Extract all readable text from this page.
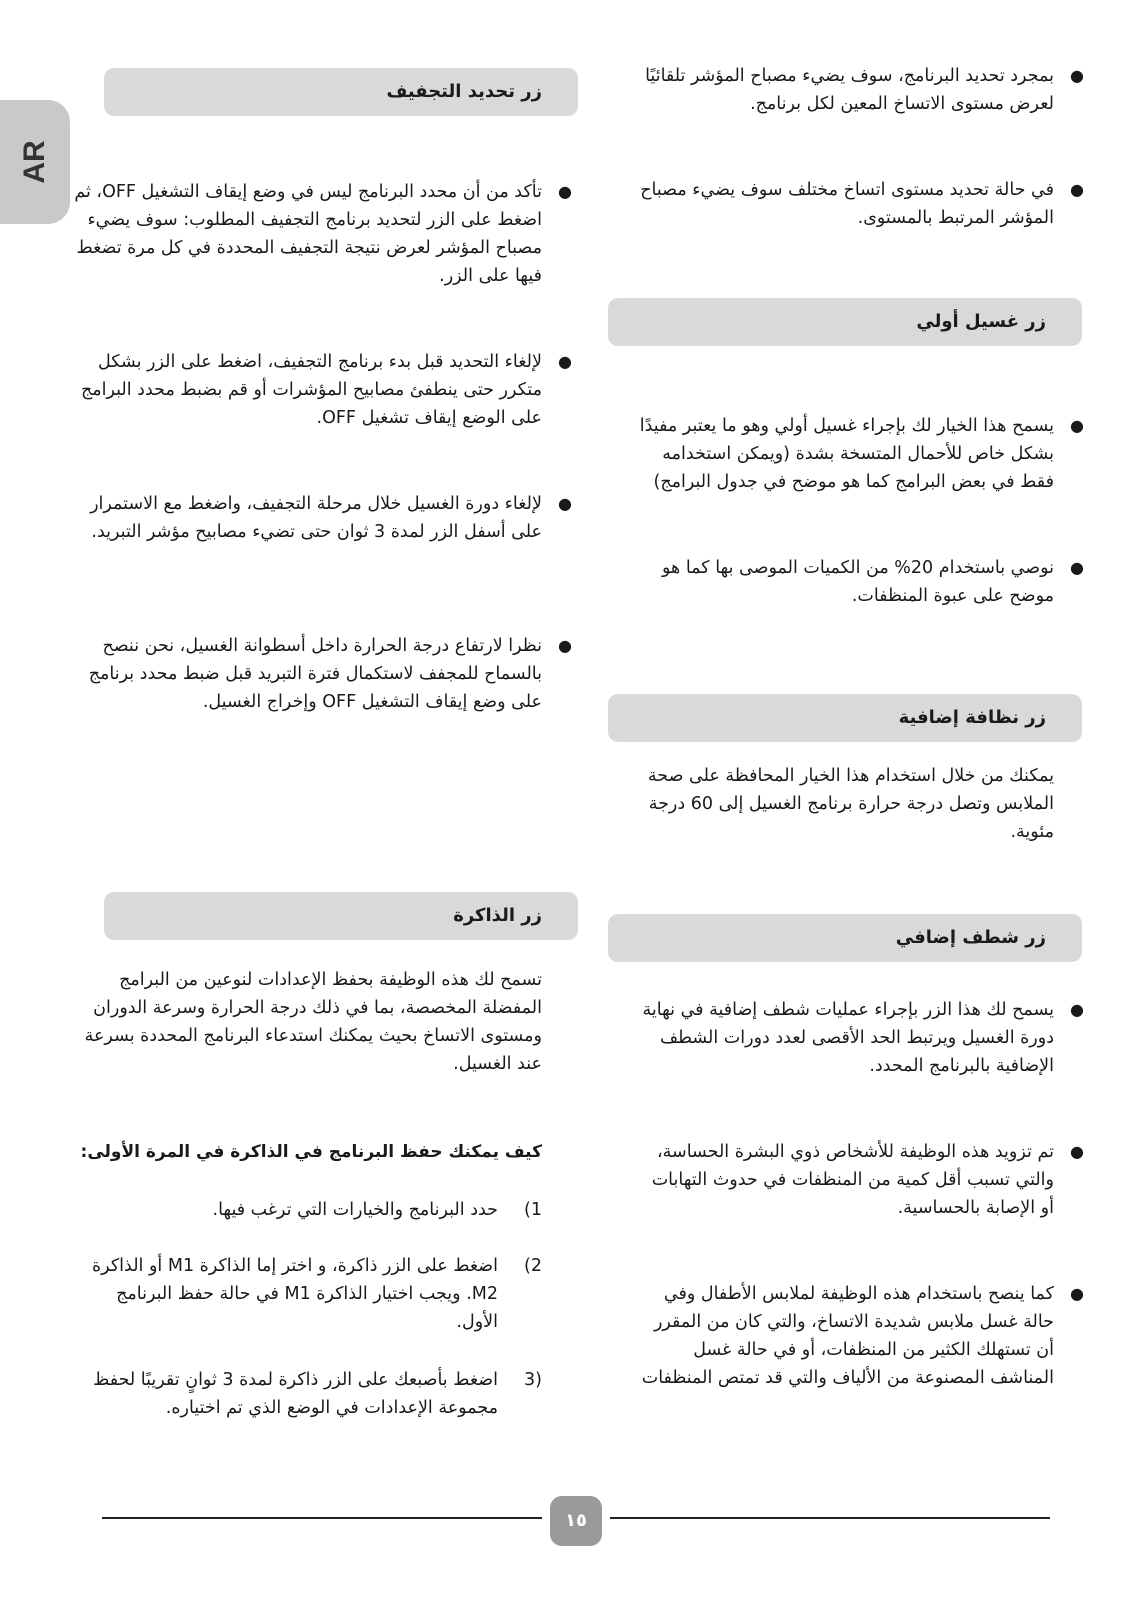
AR
● بمجرد تحديد البرنامج، سوف يضيء مصباح المؤشر تلقائيًا لعرض مستوى الاتساخ المعين لكل برنامج.
● في حالة تحديد مستوى اتساخ مختلف سوف يضيء مصباح المؤشر المرتبط بالمستوى.
زر غسيل أولي
● يسمح هذا الخيار لك بإجراء غسيل أولي وهو ما يعتبر مفيدًا بشكل خاص للأحمال المتسخة بشدة (ويمكن استخدامه فقط في بعض البرامج كما هو موضح في جدول البرامج)
● نوصي باستخدام 20% من الكميات الموصى بها كما هو موضح على عبوة المنظفات.
زر نظافة إضافية
يمكنك من خلال استخدام هذا الخيار المحافظة على صحة الملابس وتصل درجة حرارة برنامج الغسيل إلى 60 درجة مئوية.
زر شطف إضافي
● يسمح لك هذا الزر بإجراء عمليات شطف إضافية في نهاية دورة الغسيل ويرتبط الحد الأقصى لعدد دورات الشطف الإضافية بالبرنامج المحدد.
● تم تزويد هذه الوظيفة للأشخاص ذوي البشرة الحساسة، والتي تسبب أقل كمية من المنظفات في حدوث التهابات أو الإصابة بالحساسية.
● كما ينصح باستخدام هذه الوظيفة لملابس الأطفال وفي حالة غسل ملابس شديدة الاتساخ، والتي كان من المقرر أن تستهلك الكثير من المنظفات، أو في حالة غسل المناشف المصنوعة من الألياف والتي قد تمتص المنظفات
زر تحديد التجفيف
● تأكد من أن محدد البرنامج ليس في وضع إيقاف التشغيل OFF، ثم اضغط على الزر لتحديد برنامج التجفيف المطلوب: سوف يضيء مصباح المؤشر لعرض نتيجة التجفيف المحددة في كل مرة تضغط فيها على الزر.
● لإلغاء التحديد قبل بدء برنامج التجفيف، اضغط على الزر بشكل متكرر حتى ينطفئ مصابيح المؤشرات أو قم بضبط محدد البرامج على الوضع إيقاف تشغيل OFF.
● لإلغاء دورة الغسيل خلال مرحلة التجفيف، واضغط مع الاستمرار على أسفل الزر لمدة 3 ثوان حتى تضيء مصابيح مؤشر التبريد.
● نظرا لارتفاع درجة الحرارة داخل أسطوانة الغسيل، نحن ننصح بالسماح للمجفف لاستكمال فترة التبريد قبل ضبط محدد برنامج على وضع إيقاف التشغيل OFF وإخراج الغسيل.
زر الذاكرة
تسمح لك هذه الوظيفة بحفظ الإعدادات لنوعين من البرامج المفضلة المخصصة، بما في ذلك درجة الحرارة وسرعة الدوران ومستوى الاتساخ بحيث يمكنك استدعاء البرنامج المحددة بسرعة عند الغسيل.
كيف يمكنك حفظ البرنامج في الذاكرة في المرة الأولى:
1)
حدد البرنامج والخيارات التي ترغب فيها.
2)
اضغط على الزر ذاكرة، و اختر إما الذاكرة M1 أو الذاكرة M2. ويجب اختيار الذاكرة M1 في حالة حفظ البرنامج الأول.
(3
اضغط بأصبعك على الزر ذاكرة لمدة 3 ثوانٍ تقريبًا لحفظ مجموعة الإعدادات في الوضع الذي تم اختياره.
١٥
